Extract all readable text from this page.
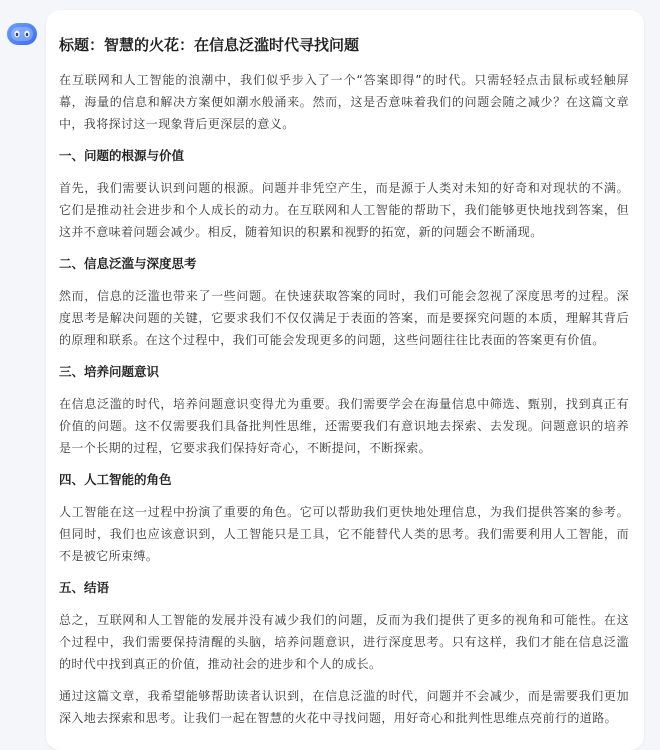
标题：智慧的火花：在信息泛滥时代寻找问题
在互联网和人工智能的浪潮中，我们似乎步入了一个“答案即得”的时代。只需轻轻点击鼠标或轻触屏幕，海量的信息和解决方案便如潮水般涌来。然而，这是否意味着我们的问题会随之减少？在这篇文章中，我将探讨这一现象背后更深层的意义。
一、问题的根源与价值
首先，我们需要认识到问题的根源。问题并非凭空产生，而是源于人类对未知的好奇和对现状的不满。它们是推动社会进步和个人成长的动力。在互联网和人工智能的帮助下，我们能够更快地找到答案，但这并不意味着问题会减少。相反，随着知识的积累和视野的拓宽，新的问题会不断涌现。
二、信息泛滥与深度思考
然而，信息的泛滥也带来了一些问题。在快速获取答案的同时，我们可能会忽视了深度思考的过程。深度思考是解决问题的关键，它要求我们不仅仅满足于表面的答案，而是要探究问题的本质，理解其背后的原理和联系。在这个过程中，我们可能会发现更多的问题，这些问题往往比表面的答案更有价值。
三、培养问题意识
在信息泛滥的时代，培养问题意识变得尤为重要。我们需要学会在海量信息中筛选、甄别，找到真正有价值的问题。这不仅需要我们具备批判性思维，还需要我们有意识地去探索、去发现。问题意识的培养是一个长期的过程，它要求我们保持好奇心，不断提问，不断探索。
四、人工智能的角色
人工智能在这一过程中扮演了重要的角色。它可以帮助我们更快地处理信息，为我们提供答案的参考。但同时，我们也应该意识到，人工智能只是工具，它不能替代人类的思考。我们需要利用人工智能，而不是被它所束缚。
五、结语
总之，互联网和人工智能的发展并没有减少我们的问题，反而为我们提供了更多的视角和可能性。在这个过程中，我们需要保持清醒的头脑，培养问题意识，进行深度思考。只有这样，我们才能在信息泛滥的时代中找到真正的价值，推动社会的进步和个人的成长。
通过这篇文章，我希望能够帮助读者认识到，在信息泛滥的时代，问题并不会减少，而是需要我们更加深入地去探索和思考。让我们一起在智慧的火花中寻找问题，用好奇心和批判性思维点亮前行的道路。
